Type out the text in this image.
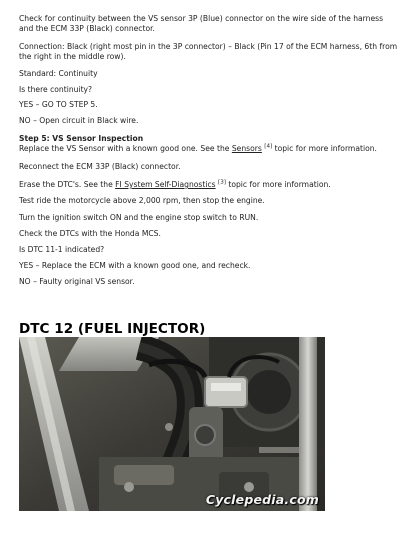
Check for continuity between the VS sensor 3P (Blue) connector on the wire side of the harness and the ECM 33P (Black) connector.

Connection: Black (right most pin in the 3P connector) – Black (Pin 17 of the ECM harness, 6th from the right in the middle row).

Standard: Continuity

Is there continuity?

YES – GO TO STEP 5.

NO – Open circuit in Black wire.

Step 5: VS Sensor Inspection

Replace the VS Sensor with a known good one. See the Sensors [4] topic for more information.

Reconnect the ECM 33P (Black) connector.

Erase the DTC's. See the FI System Self-Diagnostics [3] topic for more information.

Test ride the motorcycle above 2,000 rpm, then stop the engine.

Turn the ignition switch ON and the engine stop switch to RUN.

Check the DTCs with the Honda MCS.

Is DTC 11-1 indicated?

YES – Replace the ECM with a known good one, and recheck.

NO – Faulty original VS sensor.

DTC 12 (FUEL INJECTOR)
Cyclepedia.com
